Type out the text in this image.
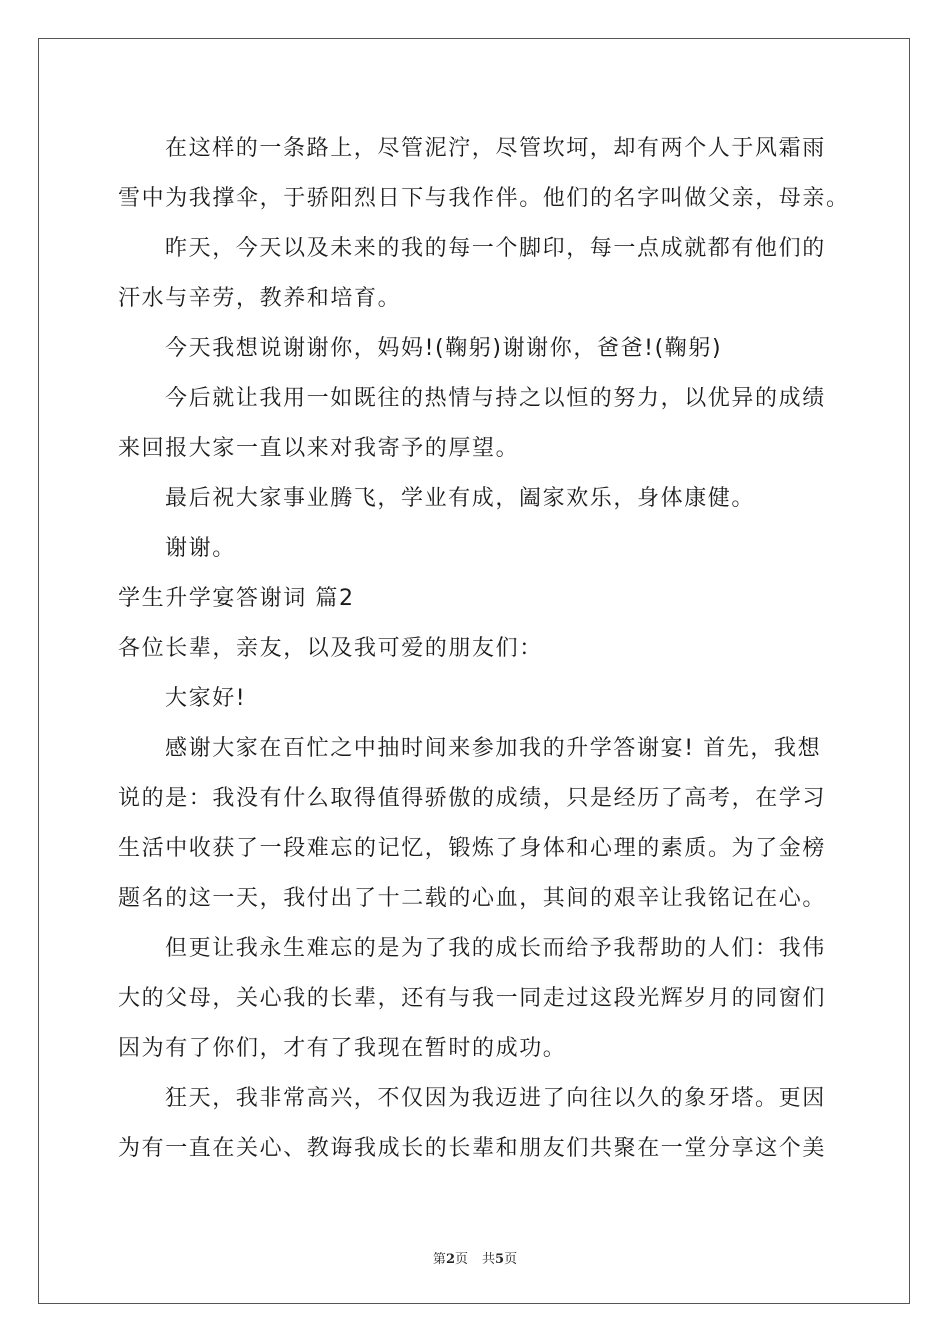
在这样的一条路上，尽管泥泞，尽管坎坷，却有两个人于风霜雨

雪中为我撑伞，于骄阳烈日下与我作伴。他们的名字叫做父亲，母亲。

昨天，今天以及未来的我的每一个脚印，每一点成就都有他们的

汗水与辛劳，教养和培育。

今天我想说谢谢你，妈妈!(鞠躬)谢谢你，爸爸!(鞠躬)

今后就让我用一如既往的热情与持之以恒的努力，以优异的成绩

来回报大家一直以来对我寄予的厚望。

最后祝大家事业腾飞，学业有成，阖家欢乐，身体康健。

谢谢。

学生升学宴答谢词 篇2

各位长辈，亲友，以及我可爱的朋友们：

大家好!

感谢大家在百忙之中抽时间来参加我的升学答谢宴! 首先，我想

说的是：我没有什么取得值得骄傲的成绩，只是经历了高考，在学习

生活中收获了一段难忘的记忆，锻炼了身体和心理的素质。为了金榜

题名的这一天，我付出了十二载的心血，其间的艰辛让我铭记在心。

但更让我永生难忘的是为了我的成长而给予我帮助的人们：我伟

大的父母，关心我的长辈，还有与我一同走过这段光辉岁月的同窗们

因为有了你们，才有了我现在暂时的成功。

狂天，我非常高兴，不仅因为我迈进了向往以久的象牙塔。更因

为有一直在关心、教诲我成长的长辈和朋友们共聚在一堂分享这个美

第2页 共5页
